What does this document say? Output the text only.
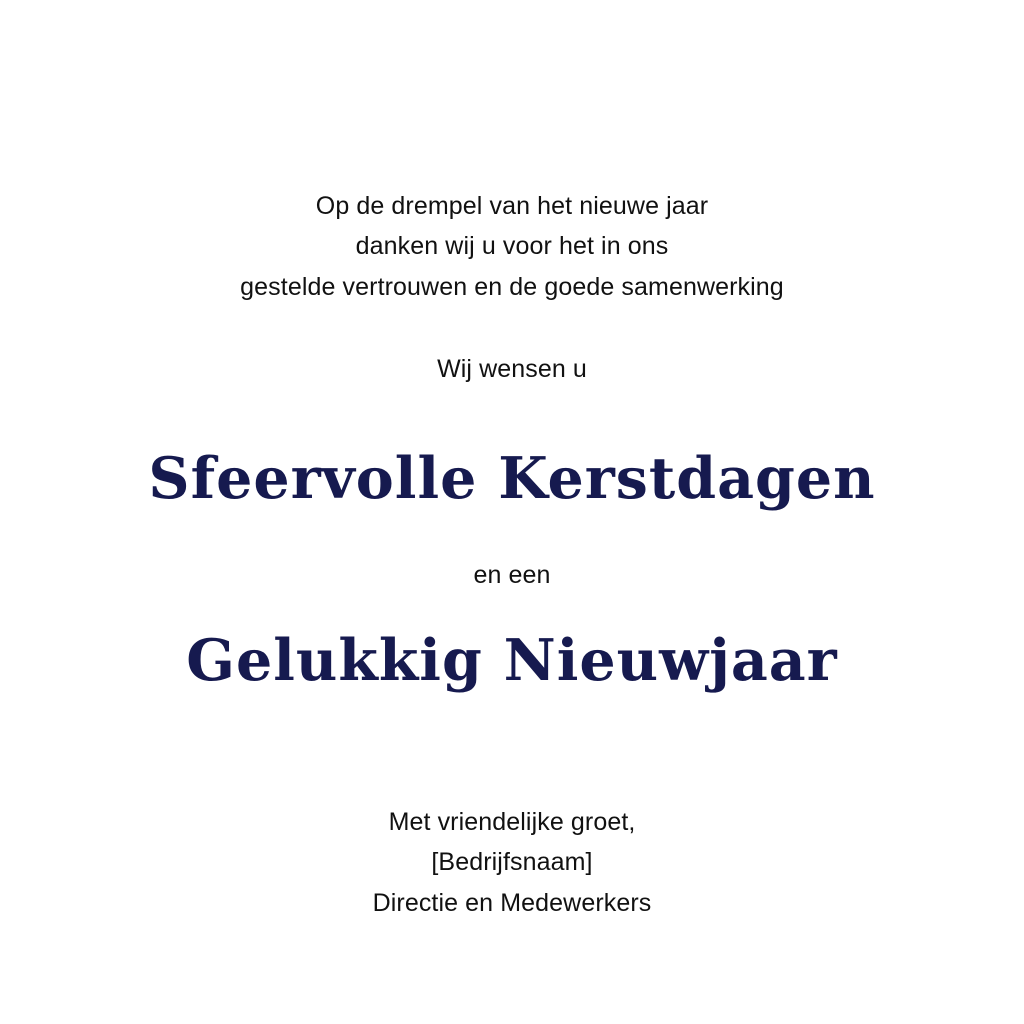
Op de drempel van het nieuwe jaar
danken wij u voor het in ons
gestelde vertrouwen en de goede samenwerking
Wij wensen u
Sfeervolle Kerstdagen
en een
Gelukkig Nieuwjaar
Met vriendelijke groet,
[Bedrijfsnaam]
Directie en Medewerkers
